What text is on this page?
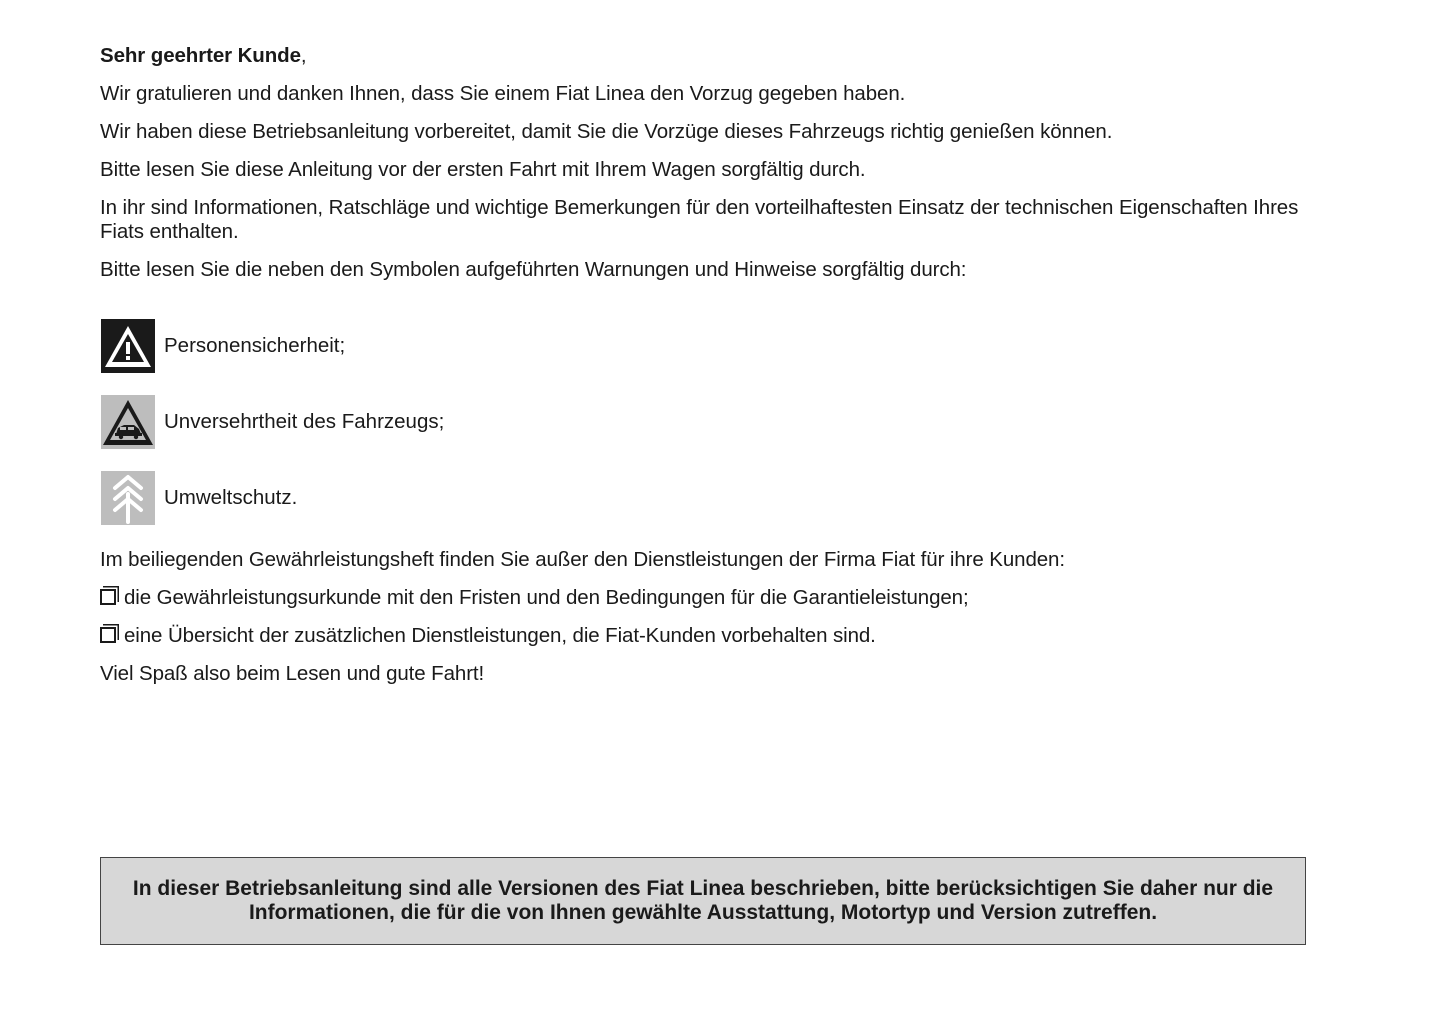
Sehr geehrter Kunde,

Wir gratulieren und danken Ihnen, dass Sie einem Fiat Linea den Vorzug gegeben haben.

Wir haben diese Betriebsanleitung vorbereitet, damit Sie die Vorzüge dieses Fahrzeugs richtig genießen können.

Bitte lesen Sie diese Anleitung vor der ersten Fahrt mit Ihrem Wagen sorgfältig durch.

In ihr sind Informationen, Ratschläge und wichtige Bemerkungen für den vorteilhaftesten Einsatz der technischen Eigenschaften Ihres Fiats enthalten.

Bitte lesen Sie die neben den Symbolen aufgeführten Warnungen und Hinweise sorgfältig durch:

Personensicherheit;
Unversehrtheit des Fahrzeugs;
Umweltschutz.

Im beiliegenden Gewährleistungsheft finden Sie außer den Dienstleistungen der Firma Fiat für ihre Kunden:

die Gewährleistungsurkunde mit den Fristen und den Bedingungen für die Garantieleistungen;

eine Übersicht der zusätzlichen Dienstleistungen, die Fiat-Kunden vorbehalten sind.

Viel Spaß also beim Lesen und gute Fahrt!

In dieser Betriebsanleitung sind alle Versionen des Fiat Linea beschrieben, bitte berücksichtigen Sie daher nur die Informationen, die für die von Ihnen gewählte Ausstattung, Motortyp und Version zutreffen.
